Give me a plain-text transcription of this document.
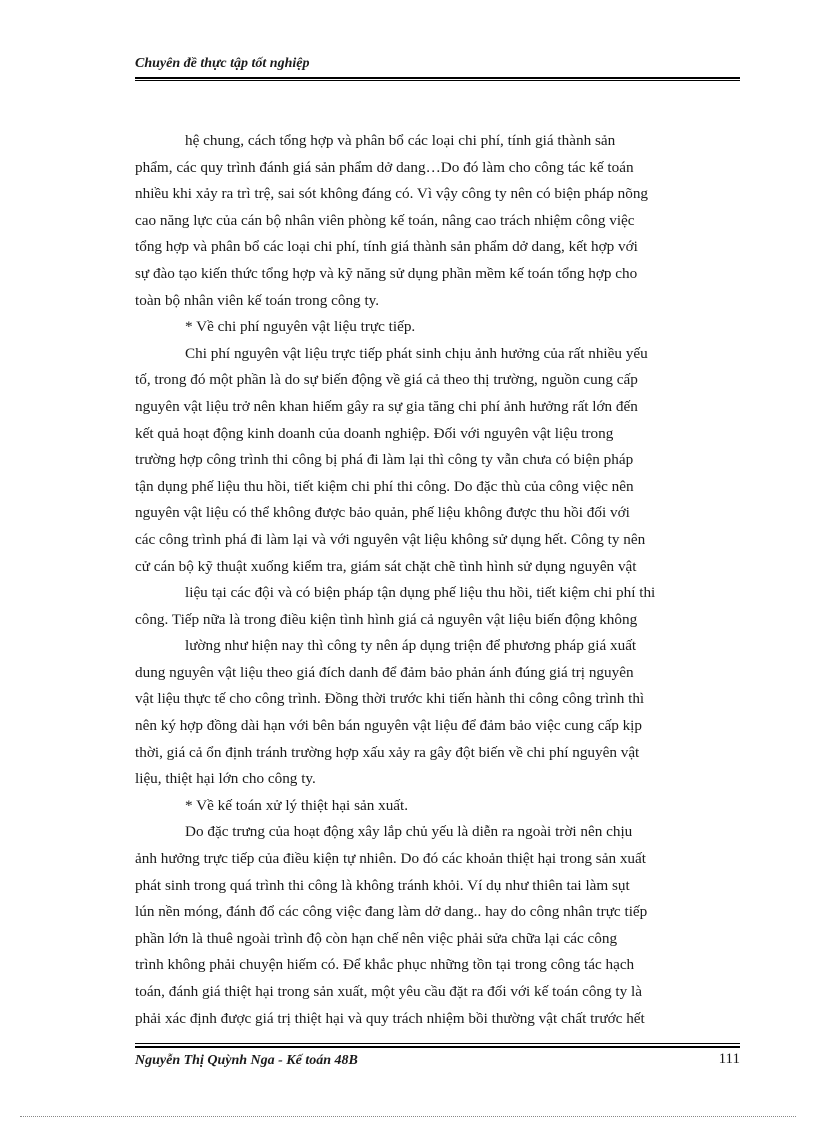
Chuyên đề thực tập tốt nghiệp
hệ chung, cách tổng hợp và phân bổ các loại chi phí, tính giá thành sản
phẩm, các quy trình đánh giá sản phẩm dở dang…Do đó làm cho công tác kế toán
nhiều khi xảy ra trì trệ, sai sót không đáng có. Vì vậy công ty nên có biện pháp nõng
cao năng lực của cán bộ nhân viên phòng kế toán, nâng cao trách nhiệm công việc
tổng hợp và phân bổ các loại chi phí, tính giá thành sản phẩm dở dang, kết hợp với
sự đào tạo kiến thức tổng hợp và kỹ năng sử dụng phần mềm kế toán tổng hợp cho
toàn bộ nhân viên kế toán trong công ty.
* Về chi phí nguyên vật liệu trực tiếp.
Chi phí nguyên vật liệu trực tiếp phát sinh chịu ảnh hưởng của rất nhiều yếu
tố, trong đó một phần là do sự biến động về giá cả theo thị trường, nguồn cung cấp
nguyên vật liệu trở nên khan hiếm gây ra sự gia tăng chi phí ảnh hưởng rất lớn đến
kết quả hoạt động kinh doanh của doanh nghiệp. Đối với nguyên vật liệu trong
trường hợp công trình thi công bị phá đi làm lại thì công ty vẫn chưa có biện pháp
tận dụng phế liệu thu hồi, tiết kiệm chi phí thi công. Do đặc thù của công việc nên
nguyên vật liệu có thể không được bảo quản, phế liệu không được thu hồi đối với
các công trình phá đi làm lại và với nguyên vật liệu không sử dụng hết. Công ty nên
cử cán bộ kỹ thuật xuống kiểm tra, giám sát chặt chẽ tình hình sử dụng nguyên vật
liệu tại các đội và có biện pháp tận dụng phế liệu thu hồi, tiết kiệm chi phí thi
công. Tiếp nữa là trong điều kiện tình hình giá cả nguyên vật liệu biến động không
lường như hiện nay thì công ty nên áp dụng triện để phương pháp giá xuất
dung nguyên vật liệu theo giá đích danh để đảm bảo phản ánh đúng giá trị nguyên
vật liệu thực tế cho công trình. Đồng thời trước khi tiến hành thi công công trình thì
nên ký hợp đồng dài hạn với bên bán nguyên vật liệu để đảm bảo việc cung cấp kịp
thời, giá cả ổn định tránh trường hợp xấu xảy ra gây đột biến về chi phí nguyên vật
liệu, thiệt hại lớn cho công ty.
* Về kế toán xử lý thiệt hại sản xuất.
Do đặc trưng của hoạt động xây lắp chủ yếu là diễn ra ngoài trời nên chịu
ảnh hưởng trực tiếp của điều kiện tự nhiên. Do đó các khoản thiệt hại trong sản xuất
phát sinh trong quá trình thi công là không tránh khỏi. Ví dụ như thiên tai làm sụt
lún nền móng, đánh đổ các công việc đang làm dở dang.. hay do công nhân trực tiếp
phần lớn là thuê ngoài trình độ còn hạn chế nên việc phải sửa chữa lại các công
trình không phải chuyện hiếm có. Để khắc phục những tồn tại trong công tác hạch
toán, đánh giá thiệt hại trong sản xuất, một yêu cầu đặt ra đối với kế toán công ty là
phải xác định được giá trị thiệt hại và quy trách nhiệm bồi thường vật chất trước hết
Nguyễn Thị Quỳnh Nga - Kế toán 48B	111
